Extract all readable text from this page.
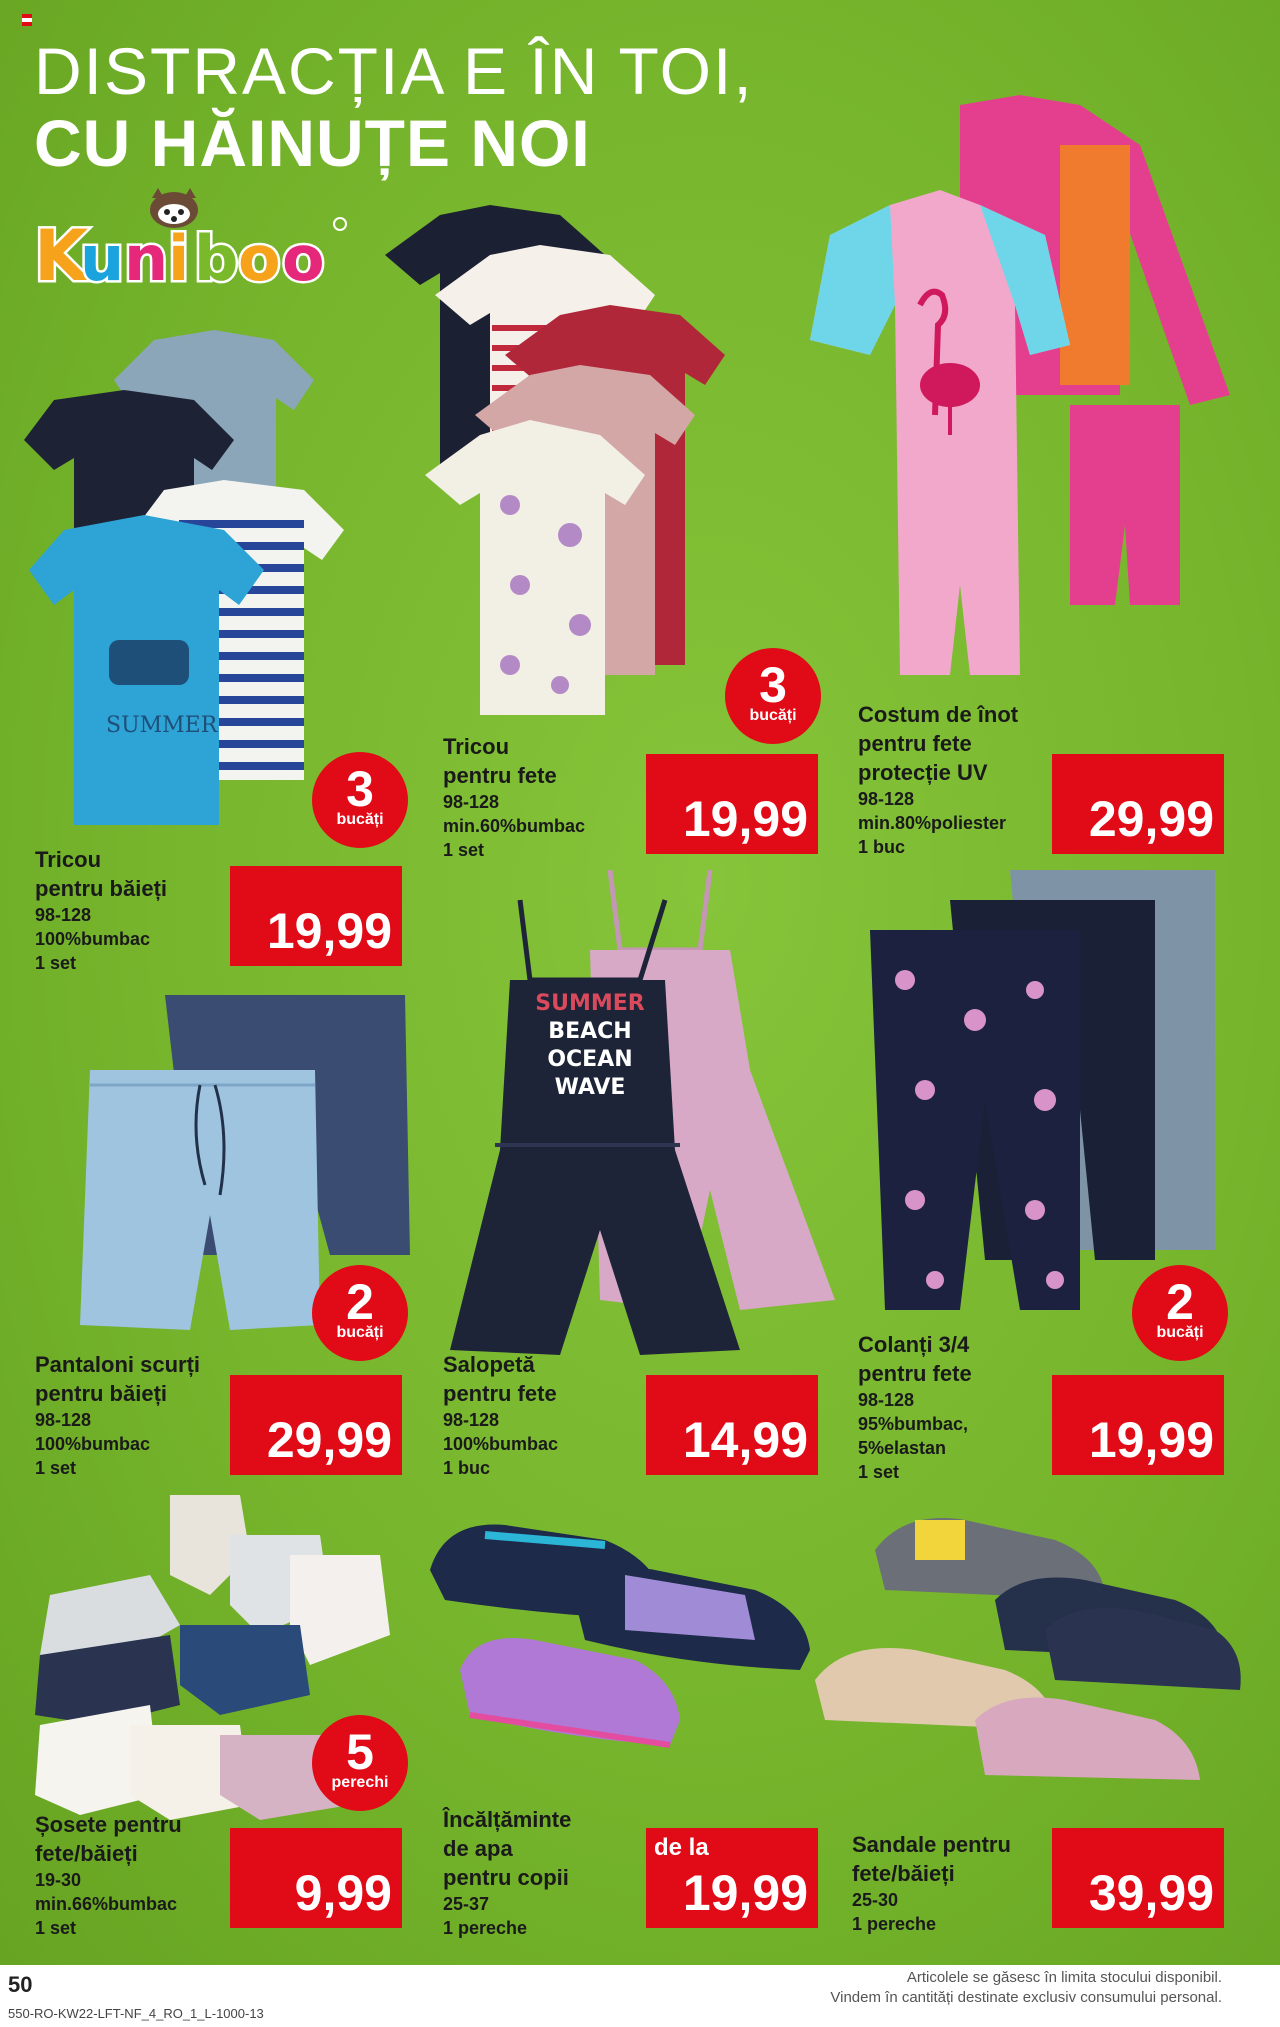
DISTRACȚIA E ÎN TOI,
CU HĂINUȚE NOI
K
u n i b o o
SUMMER
3
bucăți
Tricou
pentru băieți
98-128
100%bumbac
1 set
19,99
3
bucăți
Tricou
pentru fete
98-128
min.60%bumbac
1 set
19,99
Costum de înot
pentru fete
protecție UV
98-128
min.80%poliester
1 buc	29,99
2
bucăți
Pantaloni scurți
pentru băieți
98-128
100%bumbac
1 set	29,99
SUMMER
BEACH
OCEAN
WAVE
Salopetă
pentru fete
98-128
100%bumbac
1 buc	14,99
2
bucăți
Colanți 3/4
pentru fete
98-128
95%bumbac,
5%elastan
1 set
19,99
5
perechi
Șosete pentru
fete/băieți
19-30
min.66%bumbac
1 set
9,99
Încălțăminte
de apa
pentru copii
25-37
1 pereche
de la
19,99
Sandale pentru
fete/băieți
25-30
1 pereche
39,99
50
550-RO-KW22-LFT-NF_4_RO_1_L-1000-13
Articolele se găsesc în limita stocului disponibil.
Vindem în cantități destinate exclusiv consumului personal.
